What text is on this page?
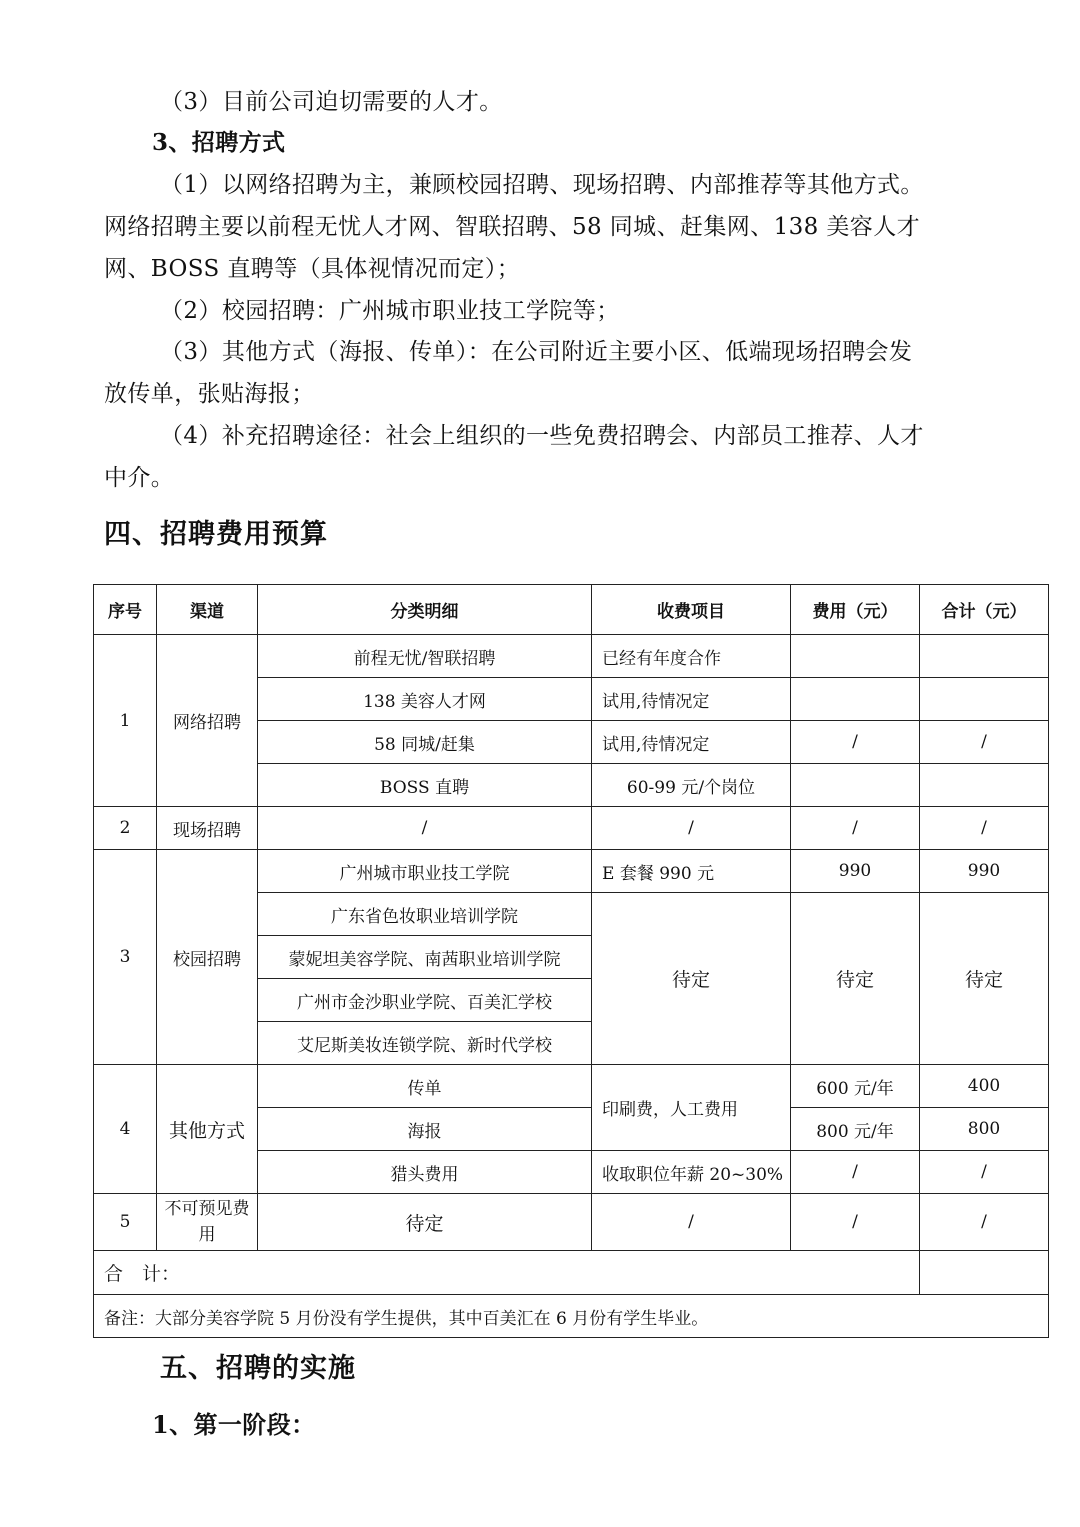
（3）目前公司迫切需要的人才。
3、招聘方式
（1）以网络招聘为主，兼顾校园招聘、现场招聘、内部推荐等其他方式。
网络招聘主要以前程无忧人才网、智联招聘、58 同城、赶集网、138 美容人才
网、BOSS 直聘等（具体视情况而定）；
（2）校园招聘：广州城市职业技工学院等；
（3）其他方式（海报、传单）：在公司附近主要小区、低端现场招聘会发
放传单，张贴海报；
（4）补充招聘途径：社会上组织的一些免费招聘会、内部员工推荐、人才
中介。
四、招聘费用预算
序号	渠道	分类明细	收费项目	费用（元）	合计（元）
1	网络招聘	前程无忧/智联招聘	已经有年度合作		
		138 美容人才网	试用,待情况定		
		58 同城/赶集	试用,待情况定	/	/
		BOSS 直聘	60-99 元/个岗位		
2	现场招聘	/	/	/	/
3	校园招聘	广州城市职业技工学院	E 套餐 990 元	990	990
		广东省色妆职业培训学院	待定	待定	待定
		蒙妮坦美容学院、南茜职业培训学院			
		广州市金沙职业学院、百美汇学校			
		艾尼斯美妆连锁学院、新时代学校			
4	其他方式	传单	印刷费，人工费用	600 元/年	400
		海报		800 元/年	800
		猎头费用	收取职位年薪 20~30%	/	/
5	不可预见费用	待定	/	/	/
合　计：					
备注：大部分美容学院 5 月份没有学生提供，其中百美汇在 6 月份有学生毕业。					
五、招聘的实施
1、第一阶段：
